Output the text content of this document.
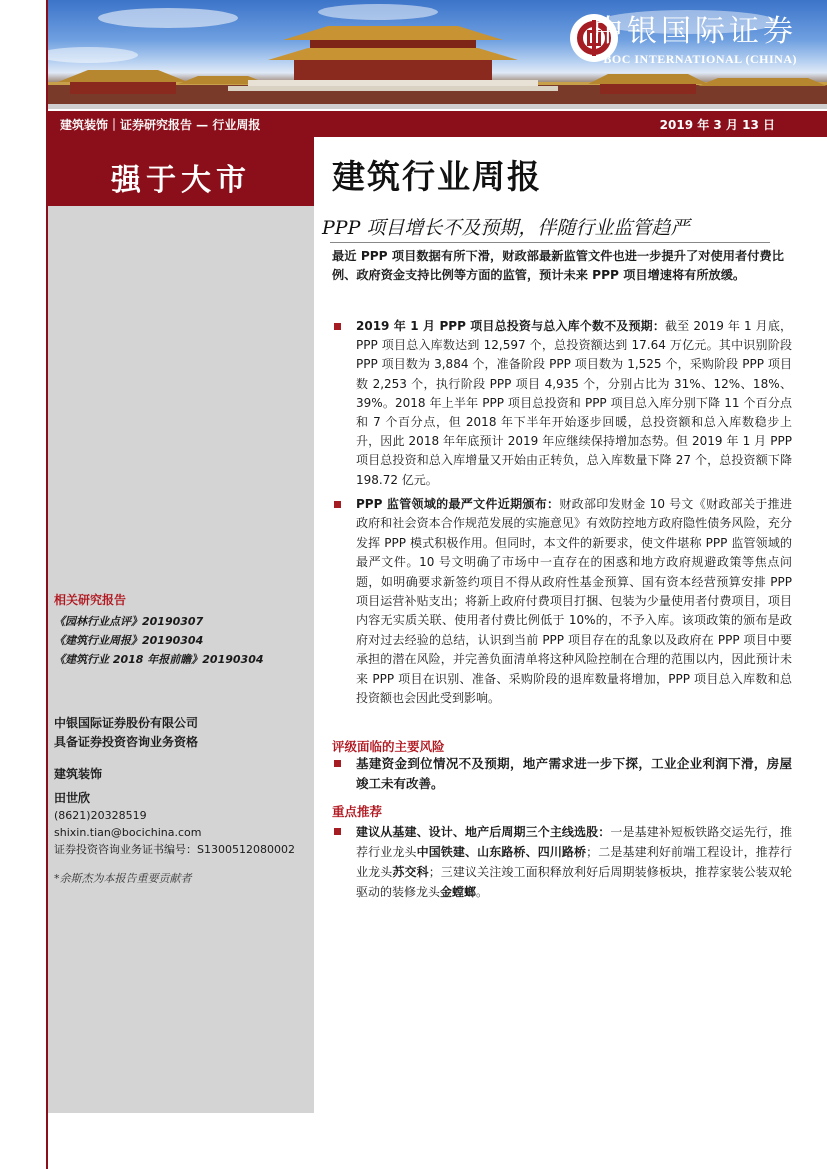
中银国际证券
BOC INTERNATIONAL (CHINA)
建筑装饰｜证券研究报告 — 行业周报	2019 年 3 月 13 日
强于大市
相关研究报告
《园林行业点评》20190307
《建筑行业周报》20190304
《建筑行业 2018 年报前瞻》20190304
中银国际证券股份有限公司
具备证券投资咨询业务资格
建筑装饰
田世欣
(8621)20328519
shixin.tian@bocichina.com
证券投资咨询业务证书编号：S1300512080002
*余斯杰为本报告重要贡献者
建筑行业周报
PPP 项目增长不及预期，伴随行业监管趋严
最近 PPP 项目数据有所下滑，财政部最新监管文件也进一步提升了对使用者付费比例、政府资金支持比例等方面的监管，预计未来 PPP 项目增速将有所放缓。
2019 年 1 月 PPP 项目总投资与总入库个数不及预期：截至 2019 年 1 月底，PPP 项目总入库数达到 12,597 个，总投资额达到 17.64 万亿元。其中识别阶段 PPP 项目数为 3,884 个，准备阶段 PPP 项目数为 1,525 个，采购阶段 PPP 项目数 2,253 个，执行阶段 PPP 项目 4,935 个，分别占比为 31%、12%、18%、39%。2018 年上半年 PPP 项目总投资和 PPP 项目总入库分别下降 11 个百分点和 7 个百分点，但 2018 年下半年开始逐步回暖，总投资额和总入库数稳步上升，因此 2018 年年底预计 2019 年应继续保持增加态势。但 2019 年 1 月 PPP 项目总投资和总入库增量又开始由正转负，总入库数量下降 27 个，总投资额下降 198.72 亿元。
PPP 监管领域的最严文件近期颁布：财政部印发财金 10 号文《财政部关于推进政府和社会资本合作规范发展的实施意见》有效防控地方政府隐性债务风险，充分发挥 PPP 模式积极作用。但同时，本文件的新要求，使文件堪称 PPP 监管领域的最严文件。10 号文明确了市场中一直存在的困惑和地方政府规避政策等焦点问题，如明确要求新签约项目不得从政府性基金预算、国有资本经营预算安排 PPP 项目运营补贴支出；将新上政府付费项目打捆、包装为少量使用者付费项目，项目内容无实质关联、使用者付费比例低于 10%的，不予入库。该项政策的颁布是政府对过去经验的总结，认识到当前 PPP 项目存在的乱象以及政府在 PPP 项目中要承担的潜在风险，并完善负面清单将这种风险控制在合理的范围以内，因此预计未来 PPP 项目在识别、准备、采购阶段的退库数量将增加，PPP 项目总入库数和总投资额也会因此受到影响。
评级面临的主要风险
基建资金到位情况不及预期，地产需求进一步下探，工业企业利润下滑，房屋竣工未有改善。
重点推荐
建议从基建、设计、地产后周期三个主线选股：一是基建补短板铁路交运先行，推荐行业龙头中国铁建、山东路桥、四川路桥；二是基建利好前端工程设计，推荐行业龙头苏交科；三建议关注竣工面积释放利好后周期装修板块，推荐家装公装双轮驱动的装修龙头金螳螂。
